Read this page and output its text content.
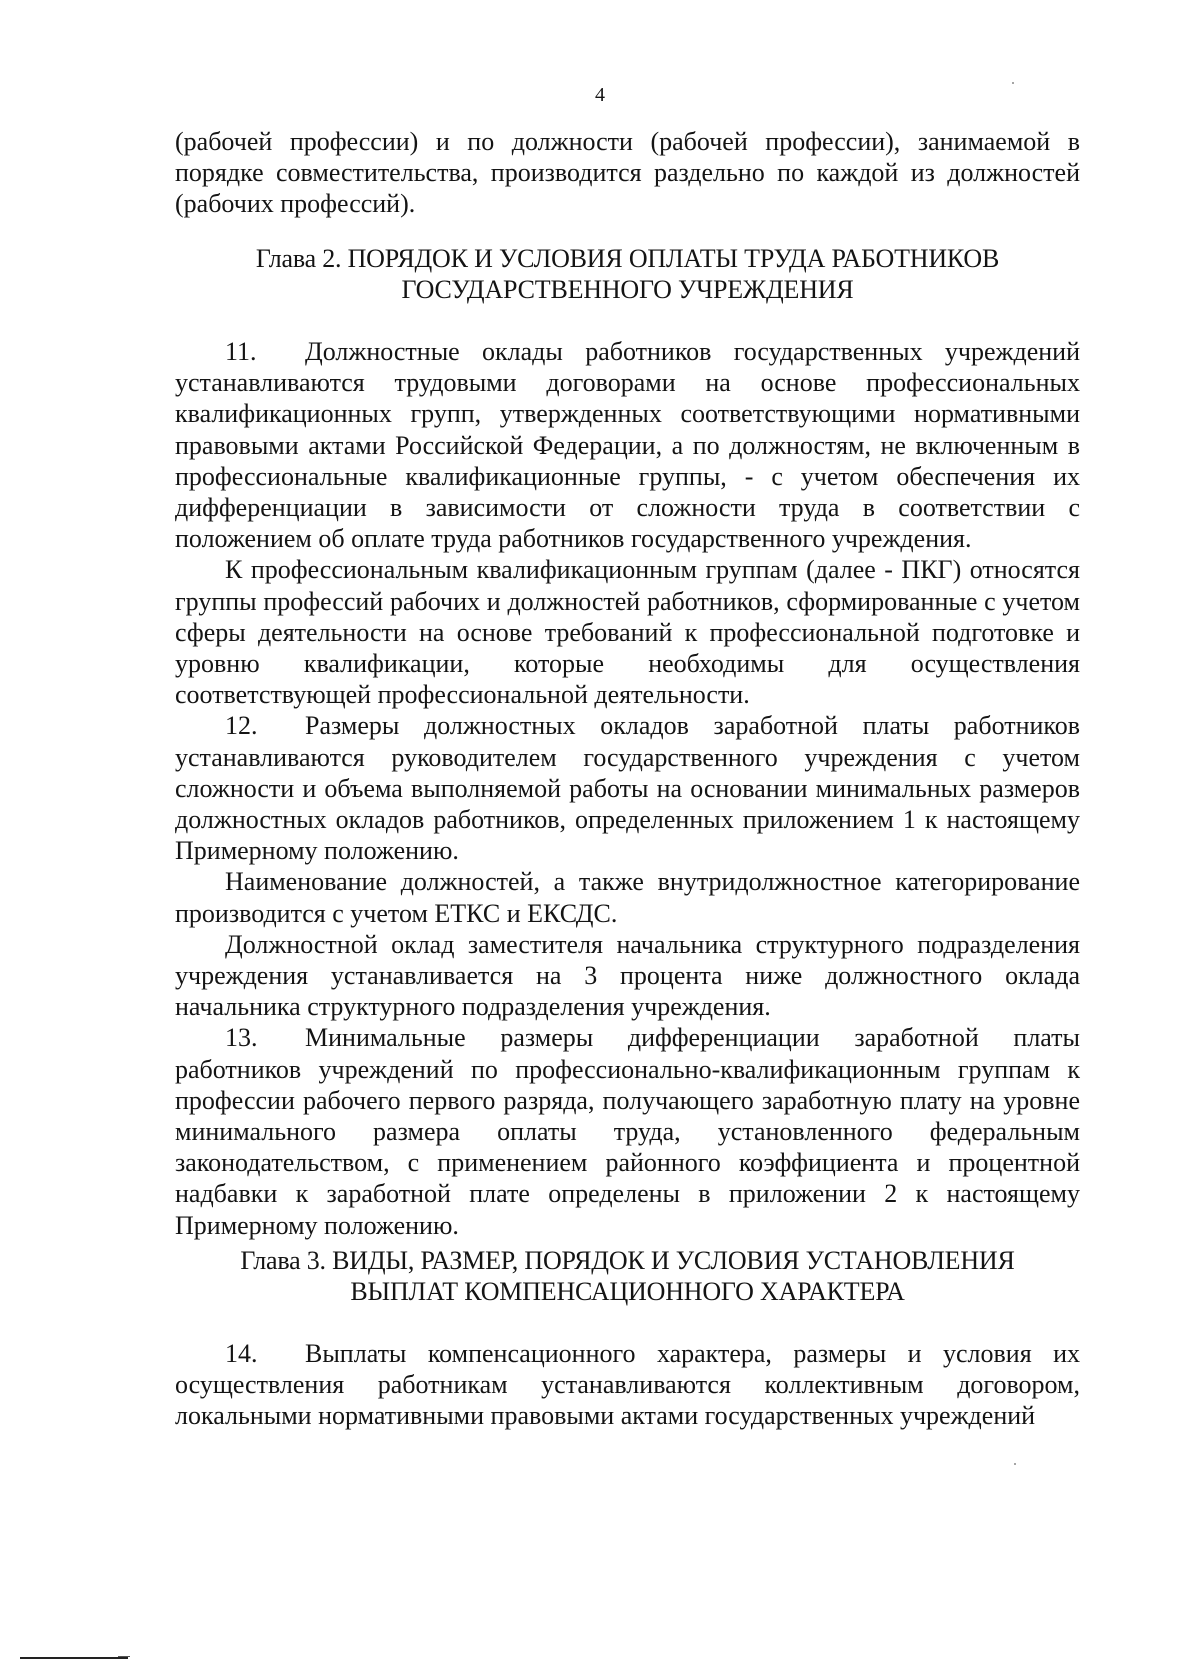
4

(рабочей профессии) и по должности (рабочей профессии), занимаемой в порядке совместительства, производится раздельно по каждой из должностей (рабочих профессий).

Глава 2. ПОРЯДОК И УСЛОВИЯ ОПЛАТЫ ТРУДА РАБОТНИКОВ
ГОСУДАРСТВЕННОГО УЧРЕЖДЕНИЯ

11. Должностные оклады работников государственных учреждений устанавливаются трудовыми договорами на основе профессиональных квалификационных групп, утвержденных соответствующими нормативными правовыми актами Российской Федерации, а по должностям, не включенным в профессиональные квалификационные группы, - с учетом обеспечения их дифференциации в зависимости от сложности труда в соответствии с положением об оплате труда работников государственного учреждения.

К профессиональным квалификационным группам (далее - ПКГ) относятся группы профессий рабочих и должностей работников, сформированные с учетом сферы деятельности на основе требований к профессиональной подготовке и уровню квалификации, которые необходимы для осуществления соответствующей профессиональной деятельности.

12. Размеры должностных окладов заработной платы работников устанавливаются руководителем государственного учреждения с учетом сложности и объема выполняемой работы на основании минимальных размеров должностных окладов работников, определенных приложением 1 к настоящему Примерному положению.

Наименование должностей, а также внутридолжностное категорирование производится с учетом ЕТКС и ЕКСДС.

Должностной оклад заместителя начальника структурного подразделения учреждения устанавливается на 3 процента ниже должностного оклада начальника структурного подразделения учреждения.

13. Минимальные размеры дифференциации заработной платы работников учреждений по профессионально-квалификационным группам к профессии рабочего первого разряда, получающего заработную плату на уровне минимального размера оплаты труда, установленного федеральным законодательством, с применением районного коэффициента и процентной надбавки к заработной плате определены в приложении 2 к настоящему Примерному положению.

Глава 3. ВИДЫ, РАЗМЕР, ПОРЯДОК И УСЛОВИЯ УСТАНОВЛЕНИЯ
ВЫПЛАТ КОМПЕНСАЦИОННОГО ХАРАКТЕРА

14. Выплаты компенсационного характера, размеры и условия их осуществления работникам устанавливаются коллективным договором, локальными нормативными правовыми актами государственных учреждений
